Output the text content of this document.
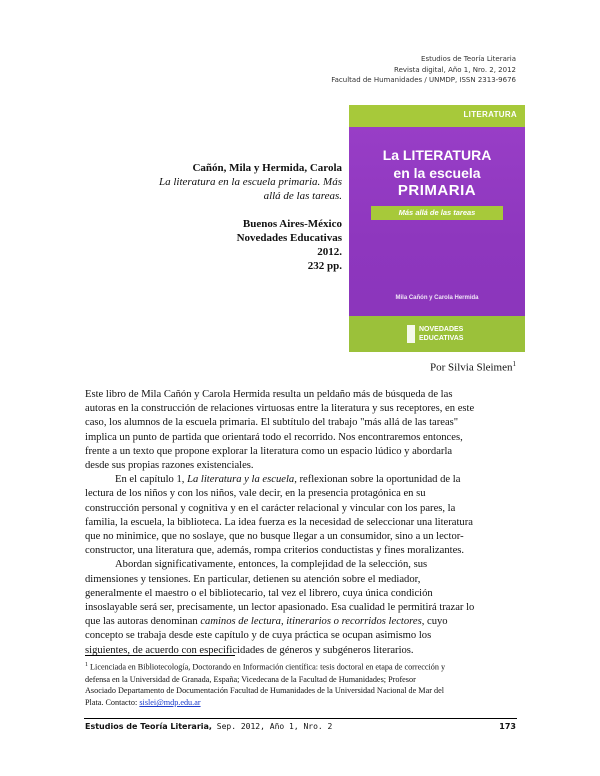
Estudios de Teoría Literaria
Revista digital, Año 1, Nro. 2, 2012
Facultad de Humanidades / UNMDP, ISSN 2313-9676
Cañón, Mila y Hermida, Carola
La literatura en la escuela primaria. Más
allá de las tareas.
Buenos Aires-México
Novedades Educativas
2012.
232 pp.
LITERATURA
La LITERATURA
en la escuela
PRIMARIA
Más allá de las tareas
Mila Cañón y Carola Hermida
NOVEDADES
EDUCATIVAS
Por Silvia Sleimen$^1$
Este libro de Mila Cañón y Carola Hermida resulta un peldaño más de búsqueda de las
autoras en la construcción de relaciones virtuosas entre la literatura y sus receptores, en este
caso, los alumnos de la escuela primaria. El subtítulo del trabajo "más allá de las tareas"
implica un punto de partida que orientará todo el recorrido. Nos encontraremos entonces,
frente a un texto que propone explorar la literatura como un espacio lúdico y abordarla
desde sus propias razones existenciales.
En el capítulo 1, La literatura y la escuela, reflexionan sobre la oportunidad de la
lectura de los niños y con los niños, vale decir, en la presencia protagónica en su
construcción personal y cognitiva y en el carácter relacional y vincular con los pares, la
familia, la escuela, la biblioteca. La idea fuerza es la necesidad de seleccionar una literatura
que no minimice, que no soslaye, que no busque llegar a un consumidor, sino a un lector-
constructor, una literatura que, además, rompa criterios conductistas y fines moralizantes.
Abordan significativamente, entonces, la complejidad de la selección, sus
dimensiones y tensiones. En particular, detienen su atención sobre el mediador,
generalmente el maestro o el bibliotecario, tal vez el librero, cuya única condición
insoslayable será ser, precisamente, un lector apasionado. Esa cualidad le permitirá trazar lo
que las autoras denominan caminos de lectura, itinerarios o recorridos lectores, cuyo
concepto se trabaja desde este capítulo y de cuya práctica se ocupan asimismo los
siguientes, de acuerdo con especificidades de géneros y subgéneros literarios.
$^1$ Licenciada en Bibliotecología, Doctorando en Información científica: tesis doctoral en etapa de corrección y
defensa en la Universidad de Granada, España; Vicedecana de la Facultad de Humanidades; Profesor
Asociado Departamento de Documentación Facultad de Humanidades de la Universidad Nacional de Mar del
Plata. Contacto: sislei@mdp.edu.ar
Estudios de Teoría Literaria, Sep. 2012, Año 1, Nro. 2	173
